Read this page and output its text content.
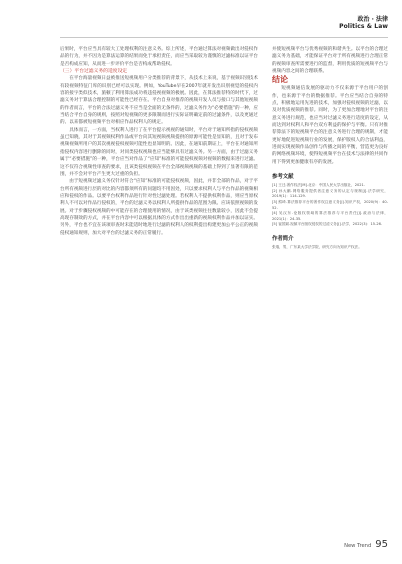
政治 · 法律
Politics & Law

后果时，平台应当具有较大工处理权利的注意义务。综上所述，平台通过算法对视频做出对侵权作品的行为，并不因为是算法运算的结果而免于承担责任，而应当采取较为谨慎的过滤标准以证平台是否构成应知，从而进一步评价平台是否构成帮助侵权。

（三）平台过滤义务的适度设定

在平台海量视频日益被推送短视频用户分类推荐的背景下，从技术上来说，基于视频识别技术有较视频特征门库的识别已经可以实现。例如，YouTube早在2007年就开发出识别视觉的侵权内容的接字类似技术，旅顿了利用算法成功将违侵视视频的极展。因此，在算法推荐特的时代下，过滤义务对于算法合理控制的可能性已经存在。平台自身对推荐的视频开发人员与接口与其他短视频的作者而言，平台的合法过滤义务不应当是全面的无条件的，过滤义务作为“必要措施”的一种，应当结合平台自身的规则，按照对短视频的更多限制而进行实际证明确定前的过滤条件，以及更通过的、以来都被短视频平台对相应作品权利人的规定。

具体而言，一方面，当权利人进行了在平台提示视视的通知时，平台对于通知所指的侵权视频虽已知晓，其对于其视频权利作品或平台向其短视频视频提供的原源可能性是显知的，且对于发布视频视频所用户的其次视视侵权视频可能性也显知明的。因此，在通知前期证上，平台在对通知所指侵权内容进行删除的同时，对同类侵权视频也应当能够具有过滤义务。另一方面，由于过滤义务属于“必要措施”的一种，平台应当对作品了“应知”标准的可能侵权视频对视频的数据来进行过滤。这不仅符合视频性审查的要求，且该类侵权视频在平台全部视频视频的基础上得到了显著有限的范围，并不会对平台产生更大过重的负担。

由于短视频过滤义务仅针对符合“应知”标准的可能侵权视频，因此，并非全部的作品，对于平台所有视频进行层的对比的内容都须所有的问题均不用因处，只以要求权利人与平台作品的视频相应和侵权的作品。以要平台权利作品进行针对性过滤处理。若权利人不提供权利作品，则应当原权利人不可以对作品行侵权的，平台的过滤义务以权利人所提供作品的范围为限。应该依照视频的发展。对于步骤侵权视频的中可能存在的合理使用的情况，由于该类视频往往数量较小，因此不会提高现存制效的方式，并在平台内容中可以根据具体的方式作出出重新的视频权利作品并加以证实。另外，平台也不宜在该项审查时未能适时地进行过滤的权利人的权利提出构建更加公平公正的视频侵权通知规则，加大对平台的过滤义务的正常履行。

并使短视频平台与优秀视频的和谐共生。以平台的合理过滤义务为基础，才能保证平台对于所有视频进行合理正常的视频审查所需要进行的监督，利用优质的短视频平台与视频内容之间的合理联系。

结论

短视频通信发展的驱动力不仅来源于平台用户的创作，也来源于平台的数据推荐。平台应当结合自身的特点，积极地运用先进的技术，加强对侵权视频的过滤，以及对优质视频的推荐。同时，为了更加合理地对平台的注意义务进行规范，也应当对过滤义务进行适度的设定，从而达到对权利人和平台双方利益的保护与平衡。只有对推荐算法下的短视频平台的注意义务进行合理的规制，才能更好地促进短视频行业的发展，保护版权人的合法利益，进而实现视频作品创作与传播之间的平衡，营造更为良好的网络视频环境，使得短视频平台在技术与法律的共同作用下得到更加健康有序的发展。

参考文献

[1] 王迁.著作权法[M].北京：中国人民大学出版社，2021.

[2] 孙大鹏.网络服务提供者注意义务的认定与规制[J].法学研究，2019(1)：114-129.

[3] 熊琦.算法推荐平台的著作权注意义务[J].知识产权，2020(9)：40-52.

[4] 吴汉东.论版权领域的算法推荐与平台责任[J].政治与法律，2021(1)：24-35.

[5] 崔国斌.视频平台版权侵权的过滤义务[J].法学，2022(3)：15-26.

作者简介

张瑞，男，广东某大学法学院，研究方向为知识产权法。

New Trend 95
